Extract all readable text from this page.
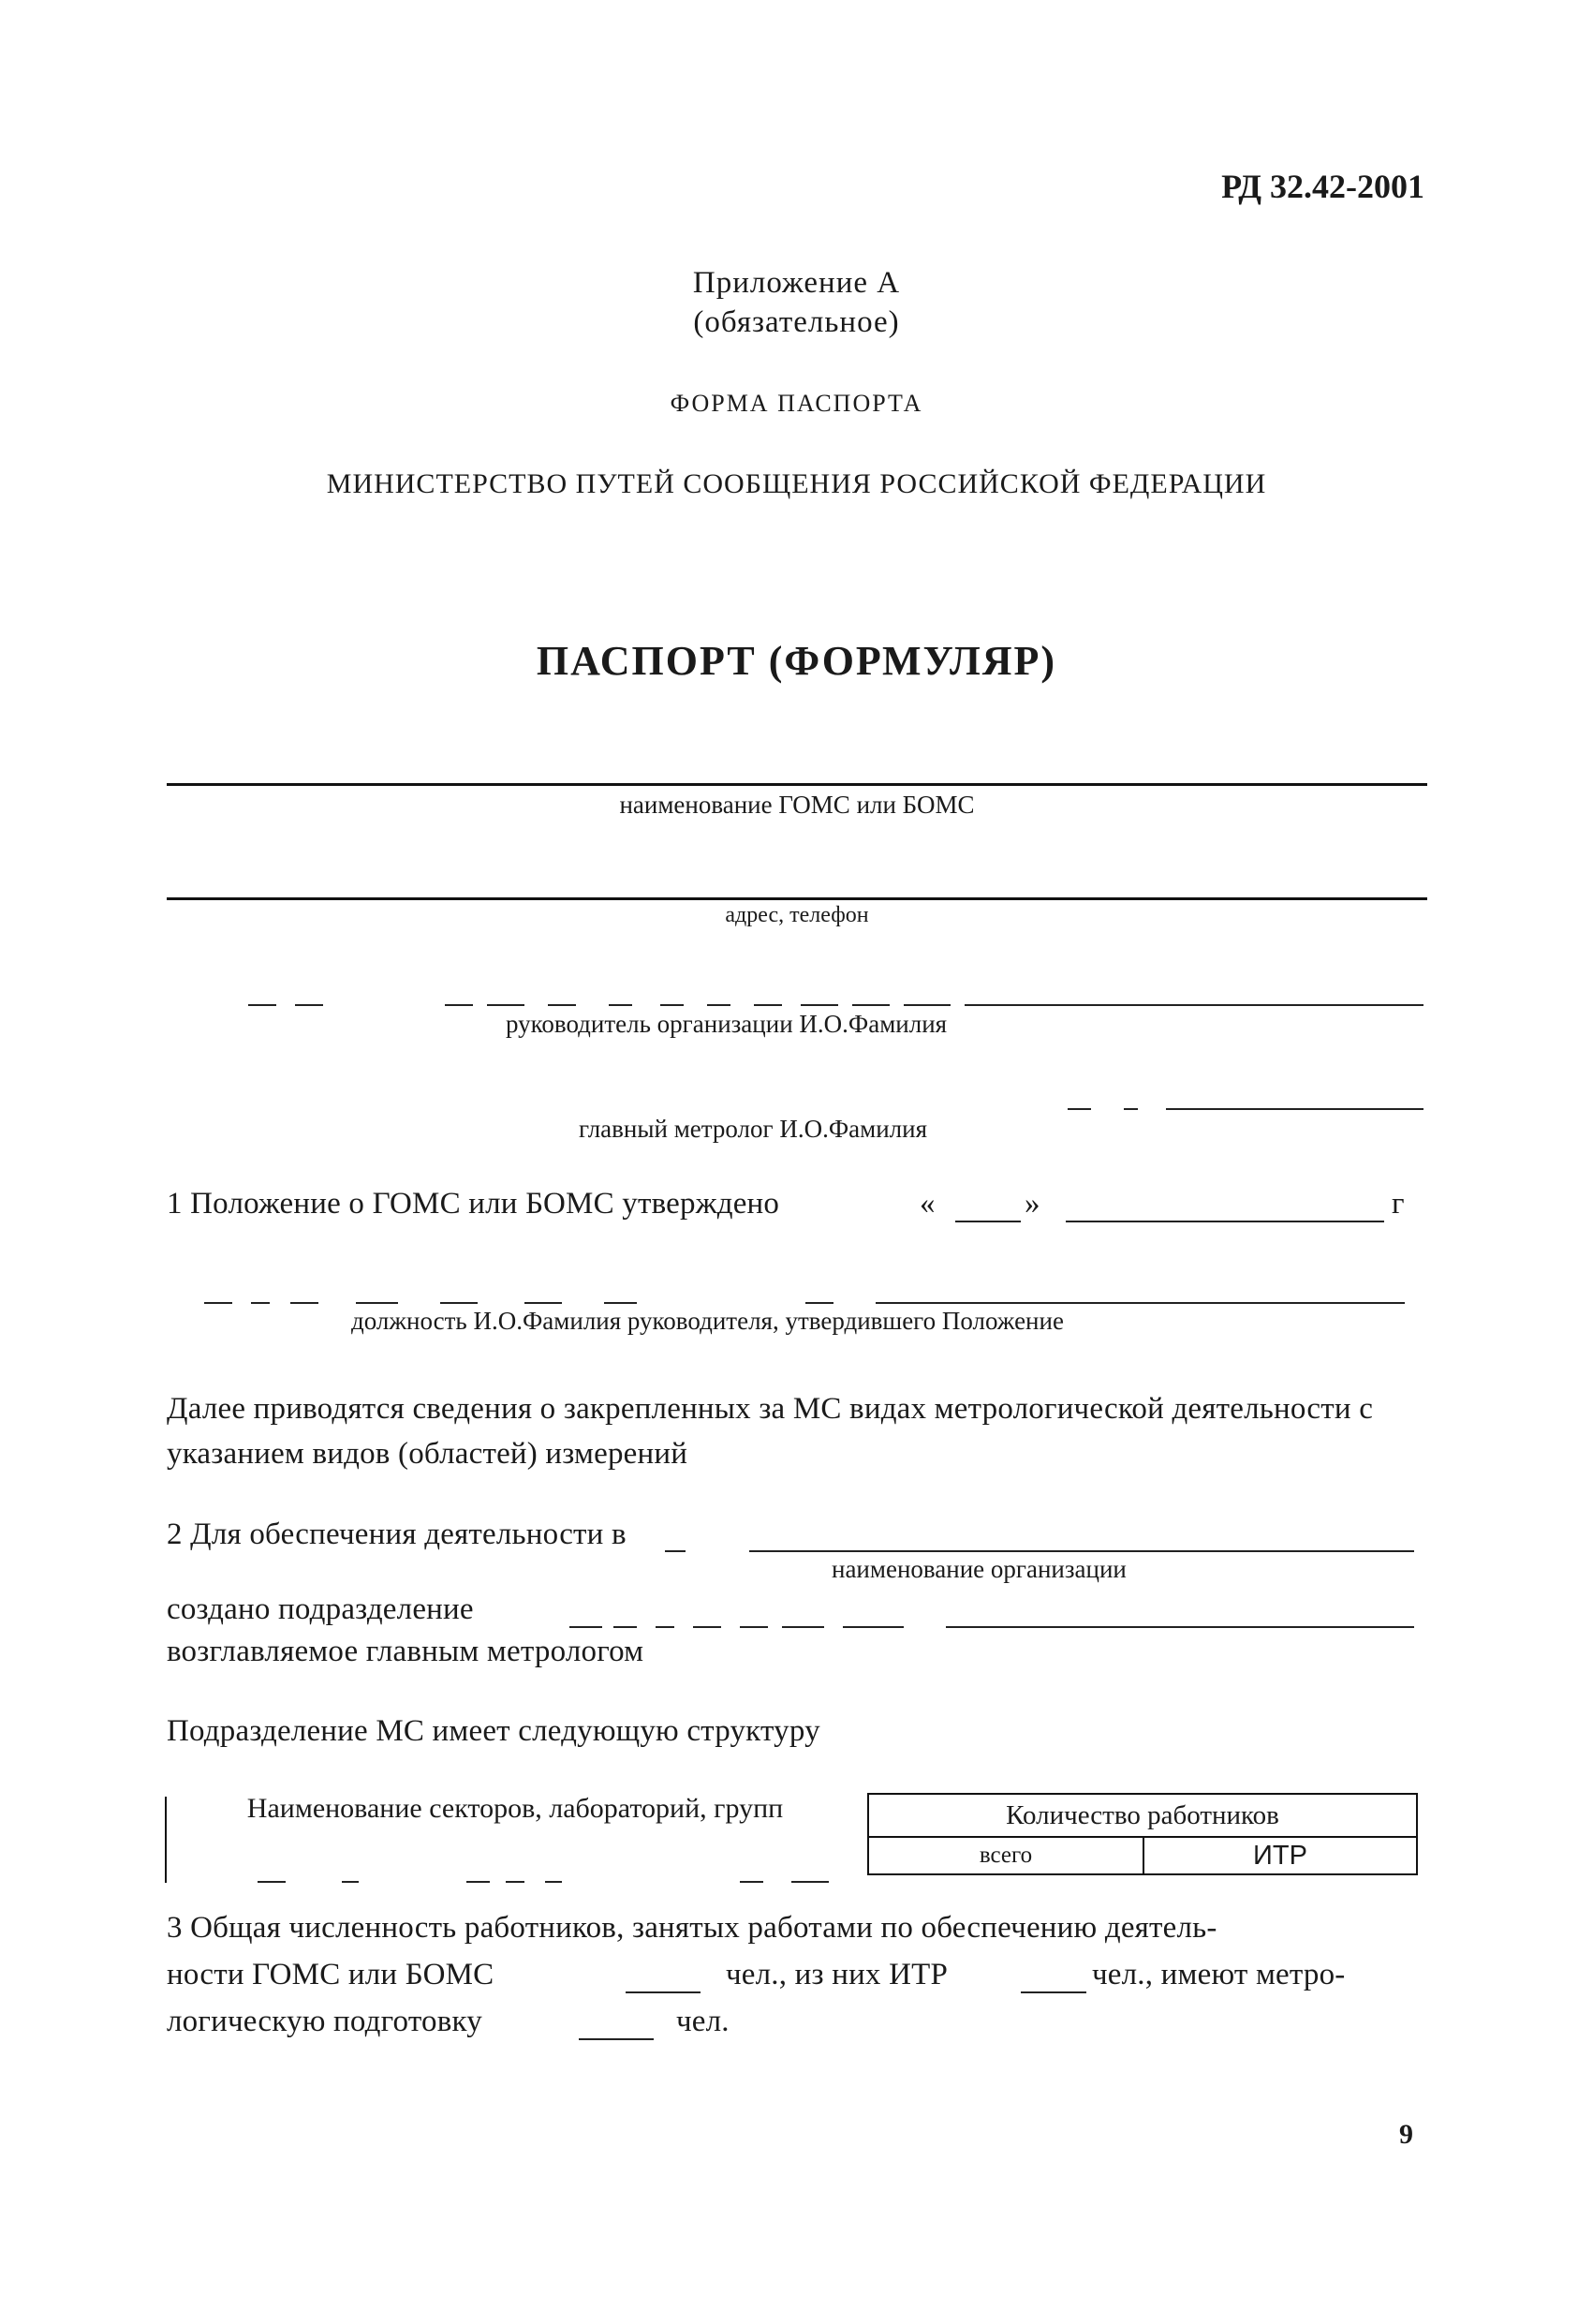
РД 32.42-2001
Приложение А
(обязательное)
ФОРМА ПАСПОРТА
МИНИСТЕРСТВО ПУТЕЙ СООБЩЕНИЯ РОССИЙСКОЙ ФЕДЕРАЦИИ
ПАСПОРТ (ФОРМУЛЯР)
наименование ГОМС или БОМС
адрес, телефон
руководитель организации И.О.Фамилия
главный метролог И.О.Фамилия
1 Положение о ГОМС или БОМС утверждено	«	»	г
должность И.О.Фамилия руководителя, утвердившего Положение
Далее приводятся сведения о закрепленных за МС видах метрологической деятельности с указанием видов (областей) измерений
2 Для обеспечения деятельности в
наименование организации
создано подразделение
возглавляемое главным метрологом
Подразделение МС имеет следующую структуру
Наименование секторов, лабораторий, групп	Количество работников
всего	ИТР
3 Общая численность работников, занятых работами по обеспечению деятель-
ности ГОМС или БОМС	чел., из них ИТР	чел., имеют метро-
логическую подготовку	чел.
9
